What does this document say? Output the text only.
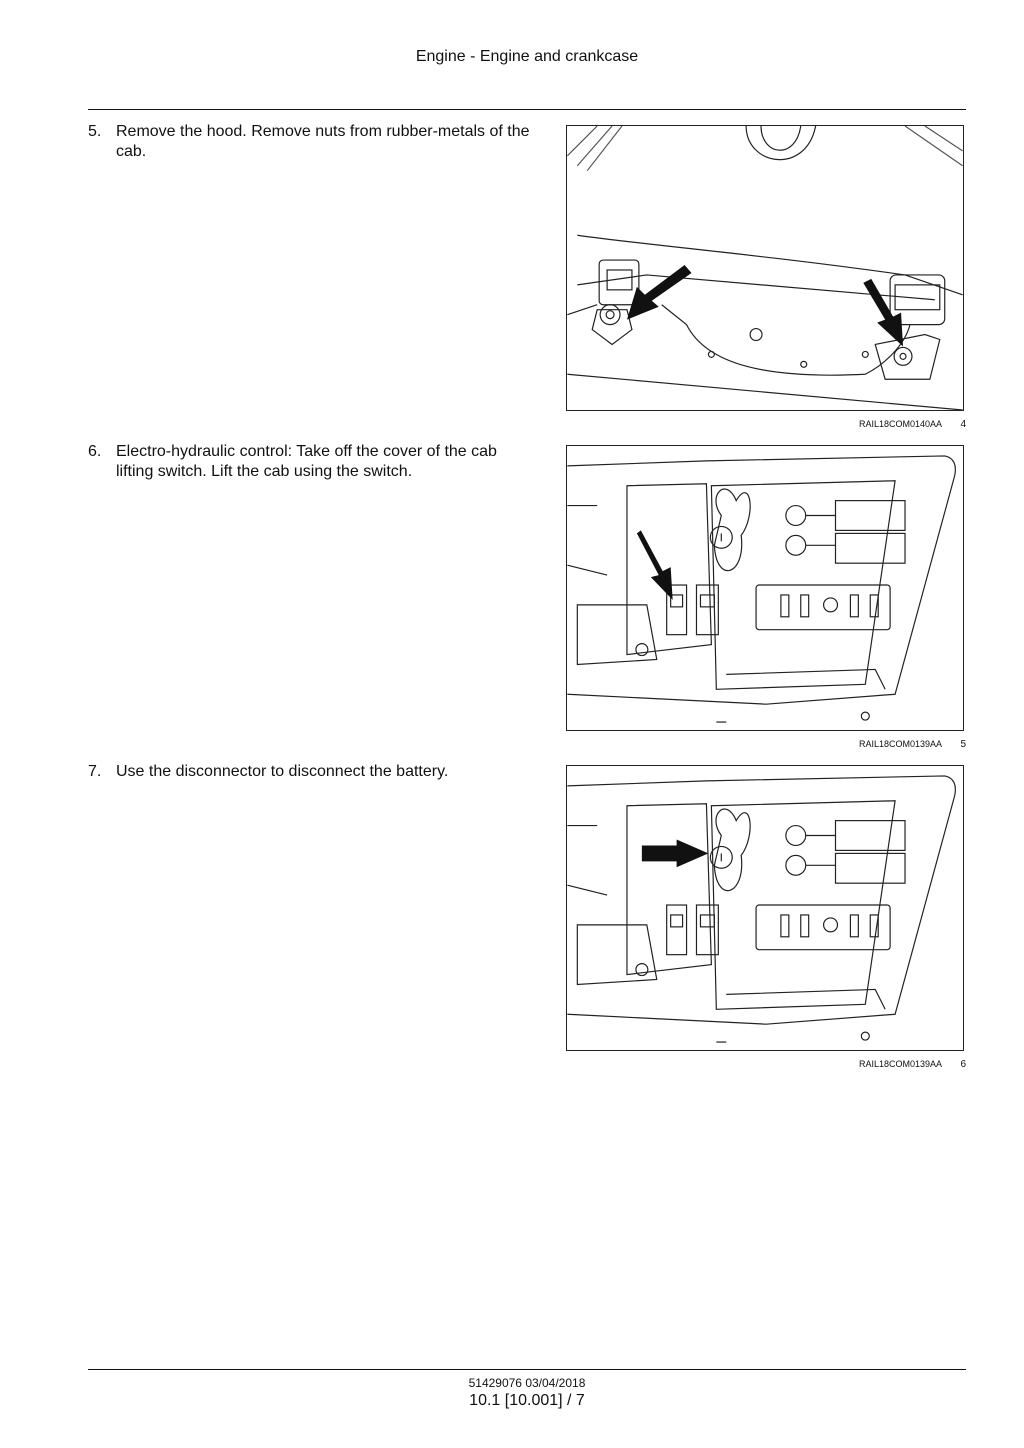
Engine - Engine and crankcase
5. Remove the hood. Remove nuts from rubber-metals of the cab.
RAIL18COM0140AA 4
6. Electro-hydraulic control: Take off the cover of the cab lifting switch. Lift the cab using the switch.
RAIL18COM0139AA 5
7. Use the disconnector to disconnect the battery.
RAIL18COM0139AA 6
51429076 03/04/2018
10.1 [10.001] / 7
